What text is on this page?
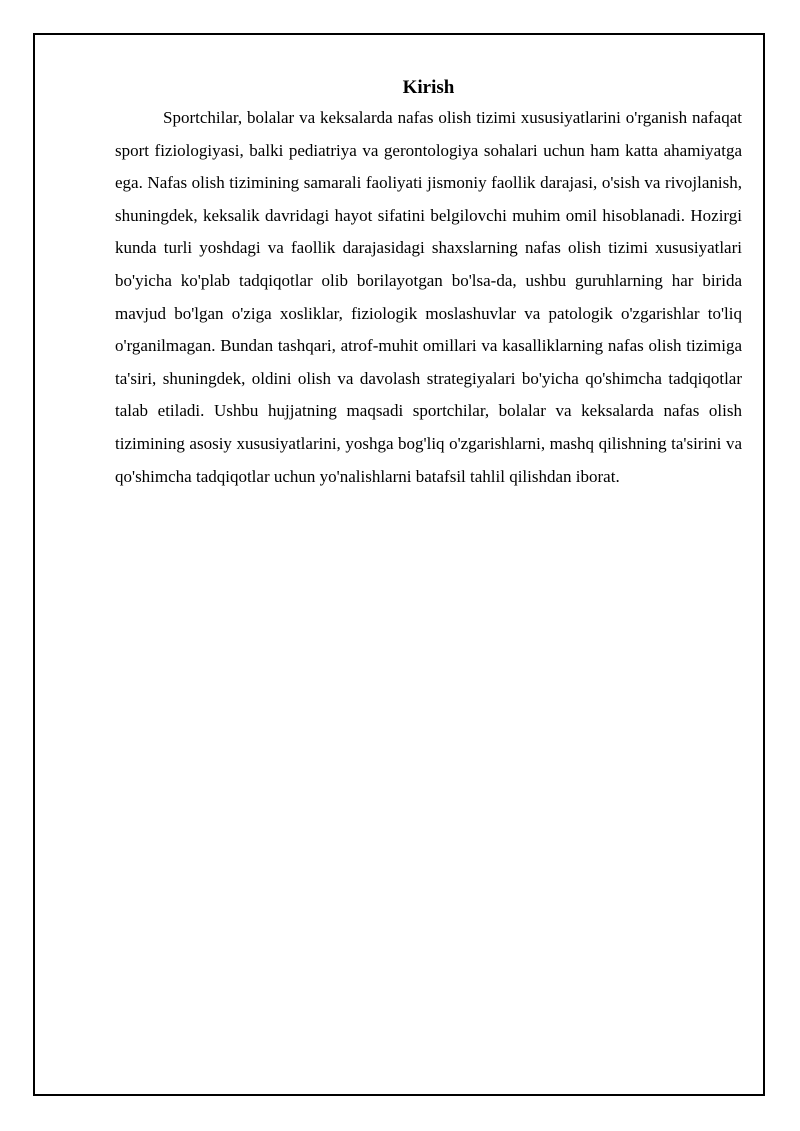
Kirish

Sportchilar, bolalar va keksalarda nafas olish tizimi xususiyatlarini o'rganish nafaqat sport fiziologiyasi, balki pediatriya va gerontologiya sohalari uchun ham katta ahamiyatga ega. Nafas olish tizimining samarali faoliyati jismoniy faollik darajasi, o'sish va rivojlanish, shuningdek, keksalik davridagi hayot sifatini belgilovchi muhim omil hisoblanadi. Hozirgi kunda turli yoshdagi va faollik darajasidagi shaxslarning nafas olish tizimi xususiyatlari bo'yicha ko'plab tadqiqotlar olib borilayotgan bo'lsa-da, ushbu guruhlarning har birida mavjud bo'lgan o'ziga xosliklar, fiziologik moslashuvlar va patologik o'zgarishlar to'liq o'rganilmagan. Bundan tashqari, atrof-muhit omillari va kasalliklarning nafas olish tizimiga ta'siri, shuningdek, oldini olish va davolash strategiyalari bo'yicha qo'shimcha tadqiqotlar talab etiladi. Ushbu hujjatning maqsadi sportchilar, bolalar va keksalarda nafas olish tizimining asosiy xususiyatlarini, yoshga bog'liq o'zgarishlarni, mashq qilishning ta'sirini va qo'shimcha tadqiqotlar uchun yo'nalishlarni batafsil tahlil qilishdan iborat.
